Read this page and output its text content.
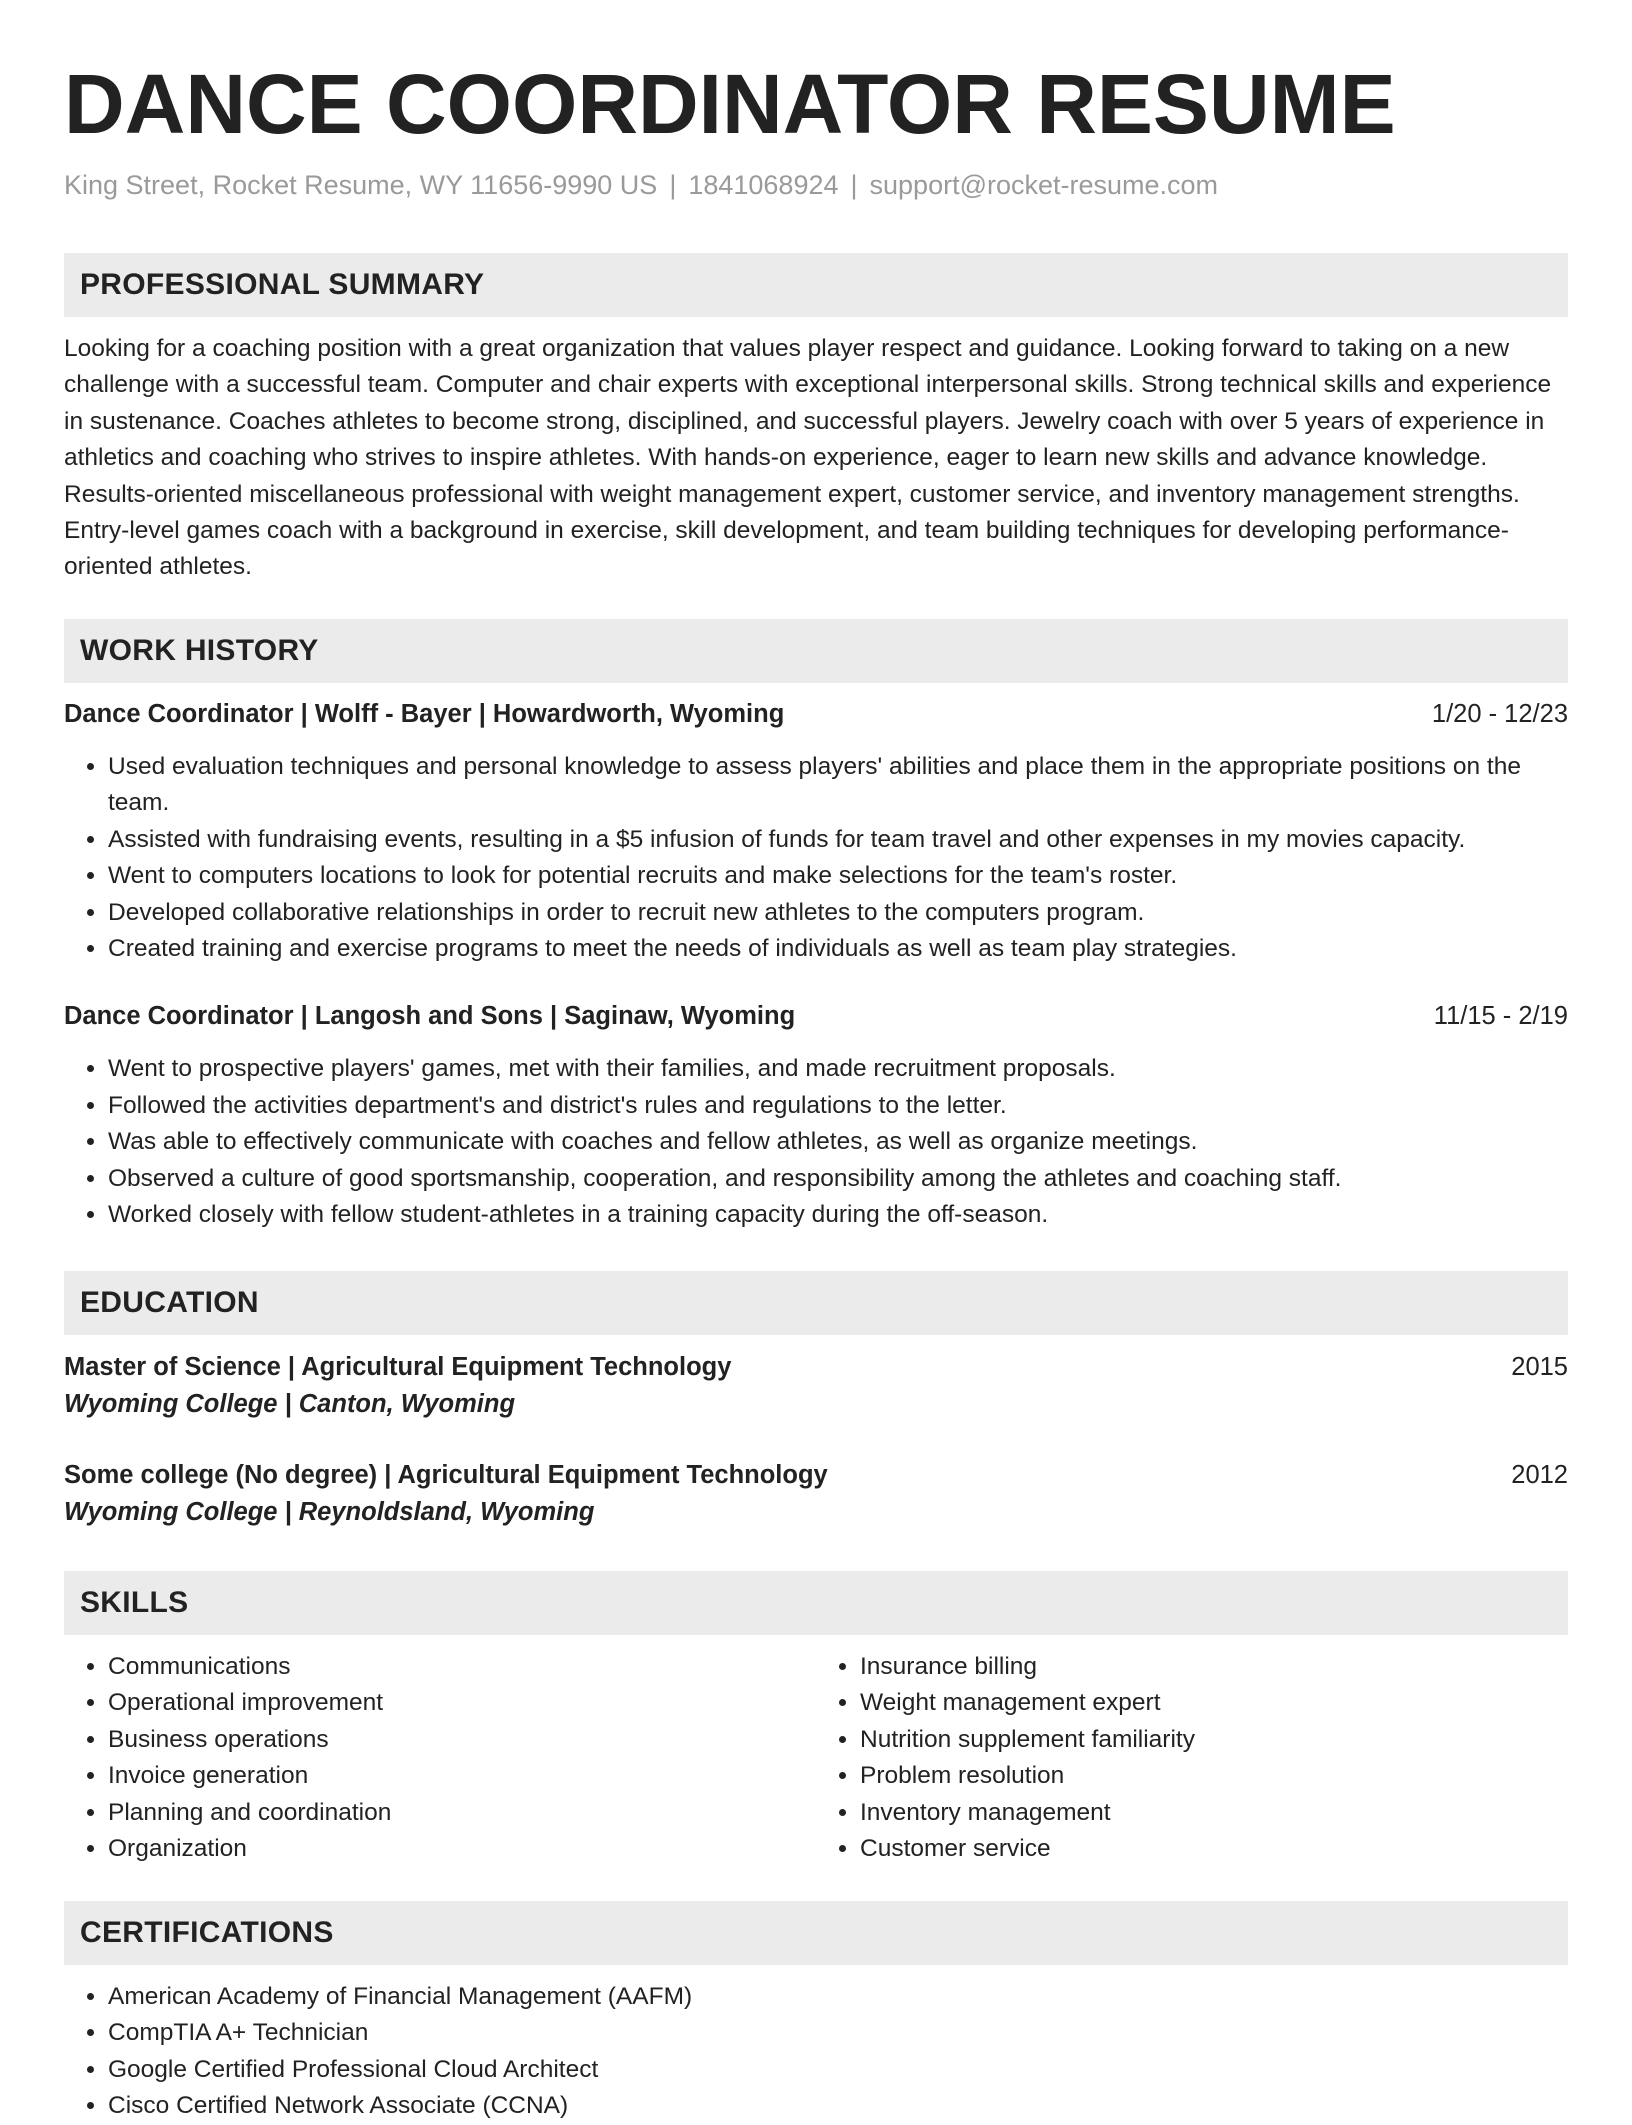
DANCE COORDINATOR RESUME
King Street, Rocket Resume, WY 11656-9990 US | 1841068924 | support@rocket-resume.com
PROFESSIONAL SUMMARY
Looking for a coaching position with a great organization that values player respect and guidance. Looking forward to taking on a new challenge with a successful team. Computer and chair experts with exceptional interpersonal skills. Strong technical skills and experience in sustenance. Coaches athletes to become strong, disciplined, and successful players. Jewelry coach with over 5 years of experience in athletics and coaching who strives to inspire athletes. With hands-on experience, eager to learn new skills and advance knowledge. Results-oriented miscellaneous professional with weight management expert, customer service, and inventory management strengths. Entry-level games coach with a background in exercise, skill development, and team building techniques for developing performance-oriented athletes.
WORK HISTORY
Dance Coordinator | Wolff - Bayer | Howardworth, Wyoming	1/20 - 12/23
• Used evaluation techniques and personal knowledge to assess players' abilities and place them in the appropriate positions on the team.
• Assisted with fundraising events, resulting in a $5 infusion of funds for team travel and other expenses in my movies capacity.
• Went to computers locations to look for potential recruits and make selections for the team's roster.
• Developed collaborative relationships in order to recruit new athletes to the computers program.
• Created training and exercise programs to meet the needs of individuals as well as team play strategies.
Dance Coordinator | Langosh and Sons | Saginaw, Wyoming	11/15 - 2/19
• Went to prospective players' games, met with their families, and made recruitment proposals.
• Followed the activities department's and district's rules and regulations to the letter.
• Was able to effectively communicate with coaches and fellow athletes, as well as organize meetings.
• Observed a culture of good sportsmanship, cooperation, and responsibility among the athletes and coaching staff.
• Worked closely with fellow student-athletes in a training capacity during the off-season.
EDUCATION
Master of Science | Agricultural Equipment Technology	2015
Wyoming College | Canton, Wyoming
Some college (No degree) | Agricultural Equipment Technology	2012
Wyoming College | Reynoldsland, Wyoming
SKILLS
• Communications
• Operational improvement
• Business operations
• Invoice generation
• Planning and coordination
• Organization
• Insurance billing
• Weight management expert
• Nutrition supplement familiarity
• Problem resolution
• Inventory management
• Customer service
CERTIFICATIONS
• American Academy of Financial Management (AAFM)
• CompTIA A+ Technician
• Google Certified Professional Cloud Architect
• Cisco Certified Network Associate (CCNA)
